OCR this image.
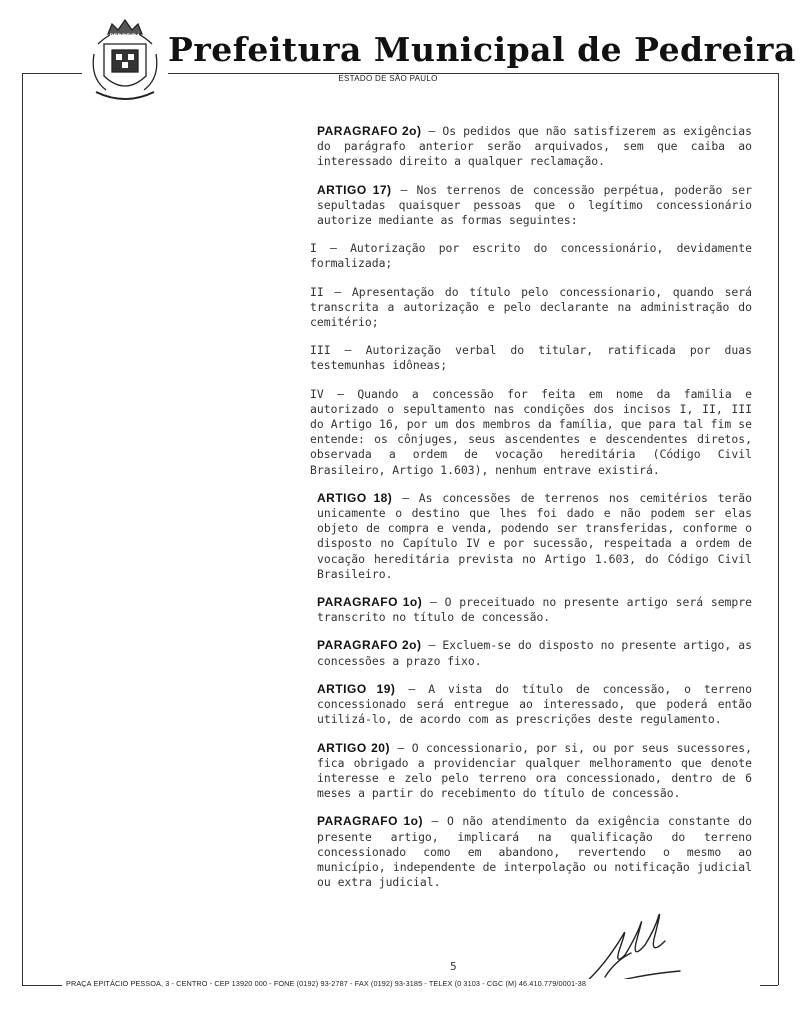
PEDREIRA Prefeitura Municipal de Pedreira
ESTADO DE SÃO PAULO

PARAGRAFO 2o) – Os pedidos que não satisfizerem as exigências do parágrafo anterior serão arquivados, sem que caiba ao interessado direito a qualquer reclamação.

ARTIGO 17) – Nos terrenos de concessão perpétua, poderão ser sepultadas quaisquer pessoas que o legítimo concessionário autorize mediante as formas seguintes:

I – Autorização por escrito do concessionário, devidamente formalizada;

II – Apresentação do título pelo concessionario, quando será transcrita a autorização e pelo declarante na administração do cemitério;

III – Autorização verbal do titular, ratificada por duas testemunhas idôneas;

IV – Quando a concessão for feita em nome da familia e autorizado o sepultamento nas condições dos incisos I, II, III do Artigo 16, por um dos membros da família, que para tal fim se entende: os cônjuges, seus ascendentes e descendentes diretos, observada a ordem de vocação hereditária (Código Civil Brasileiro, Artigo 1.603), nenhum entrave existirá.

ARTIGO 18) – As concessões de terrenos nos cemitérios terão unicamente o destino que lhes foi dado e não podem ser elas objeto de compra e venda, podendo ser transferidas, conforme o disposto no Capítulo IV e por sucessão, respeitada a ordem de vocação hereditária prevista no Artigo 1.603, do Código Civil Brasileiro.

PARAGRAFO 1o) – O preceituado no presente artigo será sempre transcrito no título de concessão.

PARAGRAFO 2o) – Excluem-se do disposto no presente artigo, as concessões a prazo fixo.

ARTIGO 19) – A vista do título de concessão, o terreno concessionado será entregue ao interessado, que poderá então utilizá-lo, de acordo com as prescrições deste regulamento.

ARTIGO 20) – O concessionario, por si, ou por seus sucessores, fica obrigado a providenciar qualquer melhoramento que denote interesse e zelo pelo terreno ora concessionado, dentro de 6 meses a partir do recebimento do título de concessão.

PARAGRAFO 1o) – O não atendimento da exigência constante do presente artigo, implicará na qualificação do terreno concessionado como em abandono, revertendo o mesmo ao município, independente de interpolação ou notificação judicial ou extra judicial.

5
PRAÇA EPITÁCIO PESSOA, 3 - CENTRO - CEP 13920 000 - FONE (0192) 93-2787 - FAX (0192) 93-3185 - TELEX (0 3103 - CGC (M) 46.410.779/0001-38
